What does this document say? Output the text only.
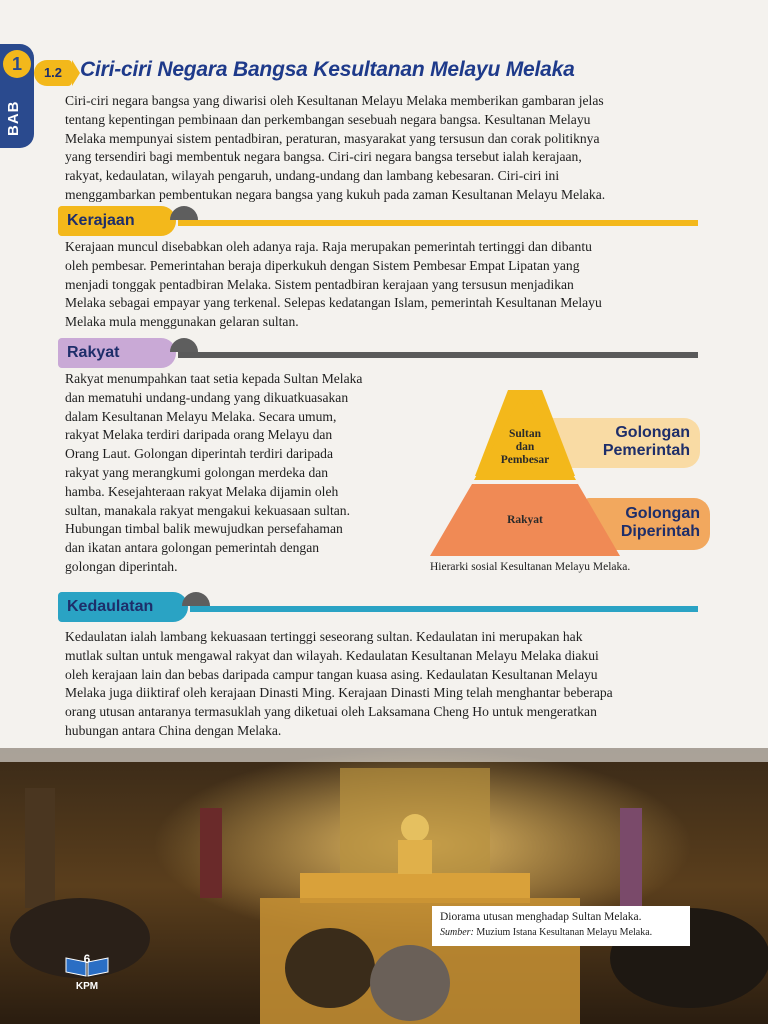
1
BAB
1.2 Ciri-ciri Negara Bangsa Kesultanan Melayu Melaka
Ciri-ciri negara bangsa yang diwarisi oleh Kesultanan Melayu Melaka memberikan gambaran jelas
tentang kepentingan pembinaan dan perkembangan sesebuah negara bangsa. Kesultanan Melayu
Melaka mempunyai sistem pentadbiran, peraturan, masyarakat yang tersusun dan corak politiknya
yang tersendiri bagi membentuk negara bangsa. Ciri-ciri negara bangsa tersebut ialah kerajaan,
rakyat, kedaulatan, wilayah pengaruh, undang-undang dan lambang kebesaran. Ciri-ciri ini
menggambarkan pembentukan negara bangsa yang kukuh pada zaman Kesultanan Melayu Melaka.
Kerajaan
Kerajaan muncul disebabkan oleh adanya raja. Raja merupakan pemerintah tertinggi dan dibantu
oleh pembesar. Pemerintahan beraja diperkukuh dengan Sistem Pembesar Empat Lipatan yang
menjadi tonggak pentadbiran Melaka. Sistem pentadbiran kerajaan yang tersusun menjadikan
Melaka sebagai empayar yang terkenal. Selepas kedatangan Islam, pemerintah Kesultanan Melayu
Melaka mula menggunakan gelaran sultan.
Rakyat
Rakyat menumpahkan taat setia kepada Sultan Melaka
dan mematuhi undang-undang yang dikuatkuasakan
dalam Kesultanan Melayu Melaka. Secara umum,
rakyat Melaka terdiri daripada orang Melayu dan
Orang Laut. Golongan diperintah terdiri daripada
rakyat yang merangkumi golongan merdeka dan
hamba. Kesejahteraan rakyat Melaka dijamin oleh
sultan, manakala rakyat mengakui kekuasaan sultan.
Hubungan timbal balik mewujudkan persefahaman
dan ikatan antara golongan pemerintah dengan
golongan diperintah.
Golongan
Pemerintah
Golongan
Diperintah
Sultan
dan
Pembesar
Rakyat
Hierarki sosial Kesultanan Melayu Melaka.
Kedaulatan
Kedaulatan ialah lambang kekuasaan tertinggi seseorang sultan. Kedaulatan ini merupakan hak
mutlak sultan untuk mengawal rakyat dan wilayah. Kedaulatan Kesultanan Melayu Melaka diakui
oleh kerajaan lain dan bebas daripada campur tangan kuasa asing. Kedaulatan Kesultanan Melayu
Melaka juga diiktiraf oleh kerajaan Dinasti Ming. Kerajaan Dinasti Ming telah menghantar beberapa
orang utusan antaranya termasuklah yang diketuai oleh Laksamana Cheng Ho untuk mengeratkan
hubungan antara China dengan Melaka.
Diorama utusan menghadap Sultan Melaka.
Sumber: Muzium Istana Kesultanan Melayu Melaka.
6
KPM
